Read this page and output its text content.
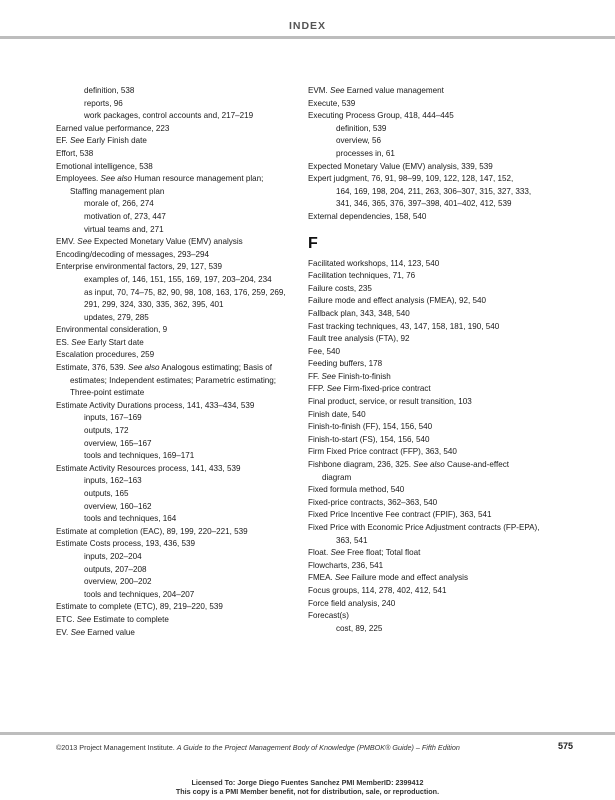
INDEX
definition, 538
reports, 96
work packages, control accounts and, 217–219
Earned value performance, 223
EF. See Early Finish date
Effort, 538
Emotional intelligence, 538
Employees. See also Human resource management plan;
Staffing management plan
morale of, 266, 274
motivation of, 273, 447
virtual teams and, 271
EMV. See Expected Monetary Value (EMV) analysis
Encoding/decoding of messages, 293–294
Enterprise environmental factors, 29, 127, 539
examples of, 146, 151, 155, 169, 197, 203–204, 234
as input, 70, 74–75, 82, 90, 98, 108, 163, 176, 259, 269,
291, 299, 324, 330, 335, 362, 395, 401
updates, 279, 285
Environmental consideration, 9
ES. See Early Start date
Escalation procedures, 259
Estimate, 376, 539. See also Analogous estimating; Basis of
estimates; Independent estimates; Parametric estimating;
Three-point estimate
Estimate Activity Durations process, 141, 433–434, 539
inputs, 167–169
outputs, 172
overview, 165–167
tools and techniques, 169–171
Estimate Activity Resources process, 141, 433, 539
inputs, 162–163
outputs, 165
overview, 160–162
tools and techniques, 164
Estimate at completion (EAC), 89, 199, 220–221, 539
Estimate Costs process, 193, 436, 539
inputs, 202–204
outputs, 207–208
overview, 200–202
tools and techniques, 204–207
Estimate to complete (ETC), 89, 219–220, 539
ETC. See Estimate to complete
EV. See Earned value
EVM. See Earned value management
Execute, 539
Executing Process Group, 418, 444–445
definition, 539
overview, 56
processes in, 61
Expected Monetary Value (EMV) analysis, 339, 539
Expert judgment, 76, 91, 98–99, 109, 122, 128, 147, 152,
164, 169, 198, 204, 211, 263, 306–307, 315, 327, 333,
341, 346, 365, 376, 397–398, 401–402, 412, 539
External dependencies, 158, 540
F
Facilitated workshops, 114, 123, 540
Facilitation techniques, 71, 76
Failure costs, 235
Failure mode and effect analysis (FMEA), 92, 540
Fallback plan, 343, 348, 540
Fast tracking techniques, 43, 147, 158, 181, 190, 540
Fault tree analysis (FTA), 92
Fee, 540
Feeding buffers, 178
FF. See Finish-to-finish
FFP. See Firm-fixed-price contract
Final product, service, or result transition, 103
Finish date, 540
Finish-to-finish (FF), 154, 156, 540
Finish-to-start (FS), 154, 156, 540
Firm Fixed Price contract (FFP), 363, 540
Fishbone diagram, 236, 325. See also Cause-and-effect
diagram
Fixed formula method, 540
Fixed-price contracts, 362–363, 540
Fixed Price Incentive Fee contract (FPIF), 363, 541
Fixed Price with Economic Price Adjustment contracts (FP-EPA),
363, 541
Float. See Free float; Total float
Flowcharts, 236, 541
FMEA. See Failure mode and effect analysis
Focus groups, 114, 278, 402, 412, 541
Force field analysis, 240
Forecast(s)
cost, 89, 225
©2013 Project Management Institute. A Guide to the Project Management Body of Knowledge (PMBOK® Guide) – Fifth Edition	575
Licensed To: Jorge Diego Fuentes Sanchez PMI MemberID: 2399412
This copy is a PMI Member benefit, not for distribution, sale, or reproduction.
